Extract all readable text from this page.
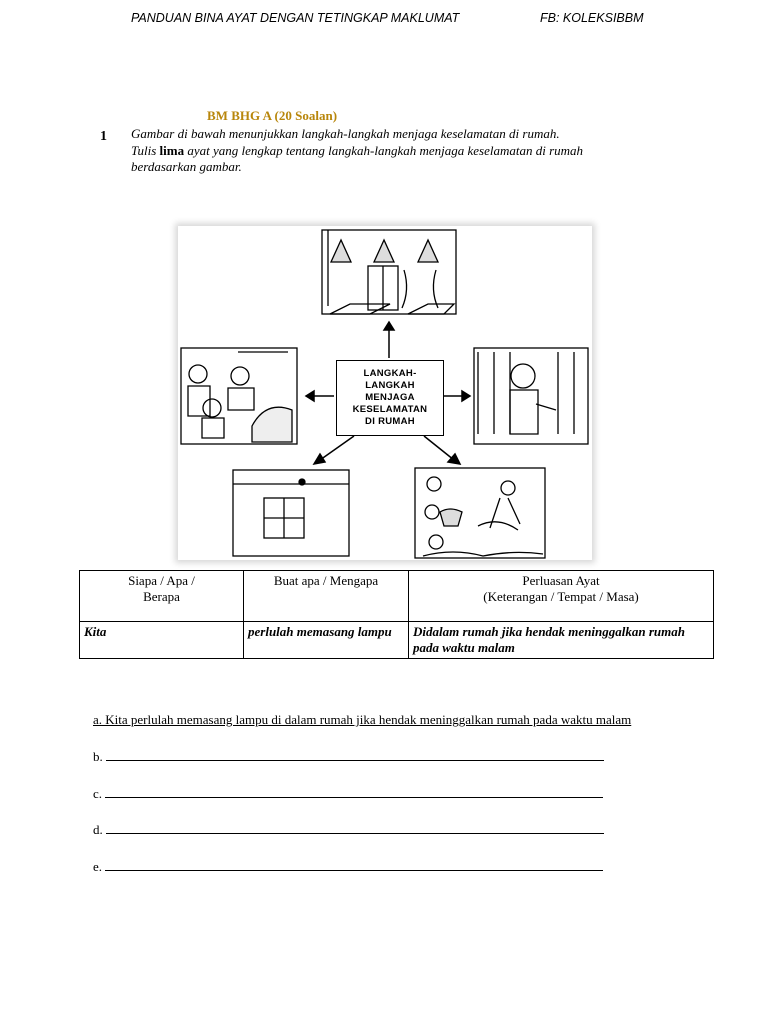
PANDUAN BINA AYAT DENGAN TETINGKAP MAKLUMAT	FB: KOLEKSIBBM
BM BHG A (20 Soalan)
1 Gambar di bawah menunjukkan langkah-langkah menjaga keselamatan di rumah.

Tulis lima ayat yang lengkap tentang langkah-langkah menjaga keselamatan di rumah berdasarkan gambar.

LANGKAH-
LANGKAH
MENJAGA
KESELAMATAN
DI RUMAH
Siapa / Apa /
Berapa	Buat apa / Mengapa	Perluasan Ayat
(Keterangan / Tempat / Masa)
Kita	perlulah memasang lampu	Didalam rumah jika hendak meninggalkan rumah pada waktu malam
a. Kita perlulah memasang lampu di dalam rumah jika hendak meninggalkan rumah pada waktu malam
b.
c.
d.
e.
